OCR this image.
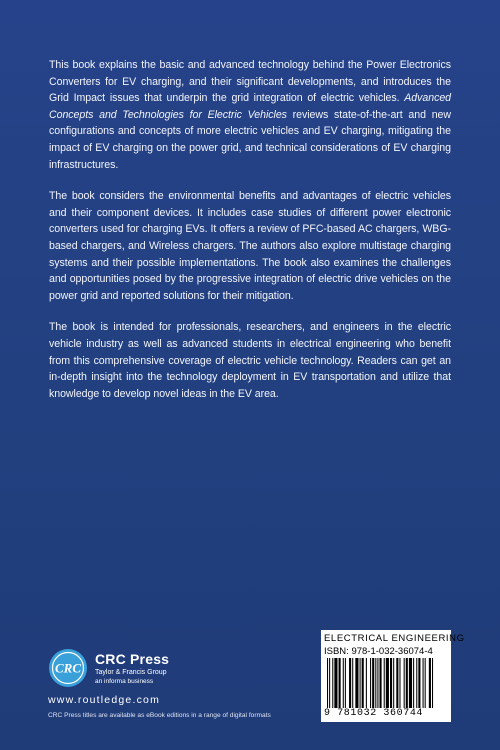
This book explains the basic and advanced technology behind the Power Electronics Converters for EV charging, and their significant developments, and introduces the Grid Impact issues that underpin the grid integration of electric vehicles. Advanced Concepts and Technologies for Electric Vehicles reviews state-of-the-art and new configurations and concepts of more electric vehicles and EV charging, mitigating the impact of EV charging on the power grid, and technical considerations of EV charging infrastructures.

The book considers the environmental benefits and advantages of electric vehicles and their component devices. It includes case studies of different power electronic converters used for charging EVs. It offers a review of PFC-based AC chargers, WBG-based chargers, and Wireless chargers. The authors also explore multistage charging systems and their possible implementations. The book also examines the challenges and opportunities posed by the progressive integration of electric drive vehicles on the power grid and reported solutions for their mitigation.

The book is intended for professionals, researchers, and engineers in the electric vehicle industry as well as advanced students in electrical engineering who benefit from this comprehensive coverage of electric vehicle technology. Readers can get an in-depth insight into the technology deployment in EV transportation and utilize that knowledge to develop novel ideas in the EV area.

CRC
CRC Press
Taylor & Francis Group
an informa business
www.routledge.com
CRC Press titles are available as eBook editions in a range of digital formats
ELECTRICAL ENGINEERING
ISBN: 978-1-032-36074-4
9 781032 360744
